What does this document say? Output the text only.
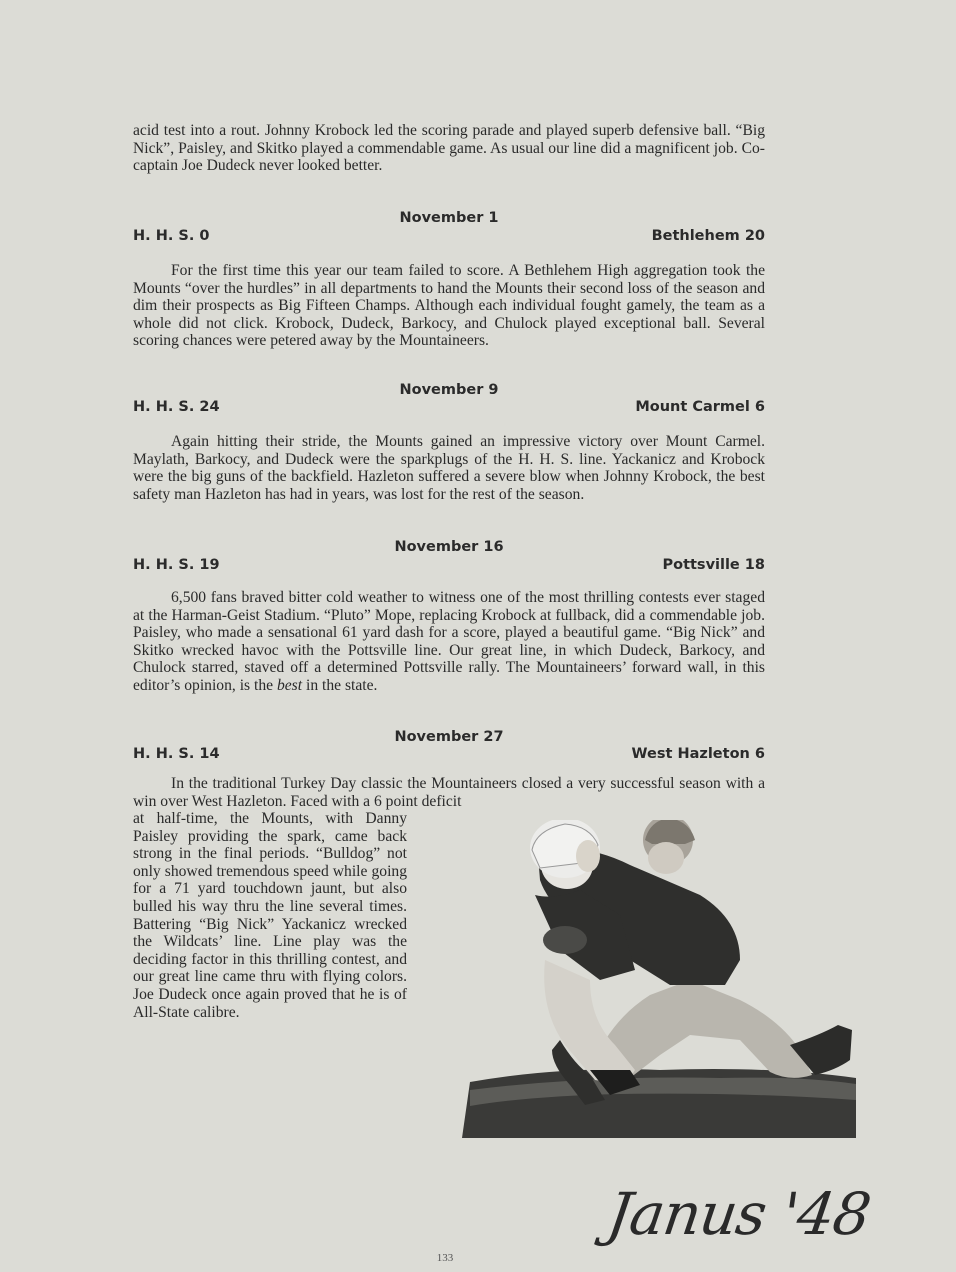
acid test into a rout. Johnny Krobock led the scoring parade and played superb defensive ball. “Big Nick”, Paisley, and Skitko played a commendable game. As usual our line did a magnificent job. Co-captain Joe Dudeck never looked better.
November 1
H. H. S. 0	Bethlehem 20
For the first time this year our team failed to score. A Bethlehem High aggregation took the Mounts “over the hurdles” in all departments to hand the Mounts their second loss of the season and dim their prospects as Big Fifteen Champs. Although each individual fought gamely, the team as a whole did not click. Krobock, Dudeck, Barkocy, and Chulock played exceptional ball. Several scoring chances were petered away by the Mountaineers.
November 9
H. H. S. 24	Mount Carmel 6
Again hitting their stride, the Mounts gained an impressive victory over Mount Carmel. Maylath, Barkocy, and Dudeck were the sparkplugs of the H. H. S. line. Yackanicz and Krobock were the big guns of the backfield. Hazleton suffered a severe blow when Johnny Krobock, the best safety man Hazleton has had in years, was lost for the rest of the season.
November 16
H. H. S. 19	Pottsville 18
6,500 fans braved bitter cold weather to witness one of the most thrilling contests ever staged at the Harman-Geist Stadium. “Pluto” Mope, replacing Krobock at fullback, did a commendable job. Paisley, who made a sensational 61 yard dash for a score, played a beautiful game. “Big Nick” and Skitko wrecked havoc with the Pottsville line. Our great line, in which Dudeck, Barkocy, and Chulock starred, staved off a determined Pottsville rally. The Mountaineers’ forward wall, in this editor’s opinion, is the best in the state.
November 27
H. H. S. 14	West Hazleton 6
In the traditional Turkey Day classic the Mountaineers closed a very successful season with a win over West Hazleton. Faced with a 6 point deficit
at half-time, the Mounts, with Danny Paisley providing the spark, came back strong in the final periods. “Bulldog” not only showed tremendous speed while going for a 71 yard touchdown jaunt, but also bulled his way thru the line several times. Battering “Big Nick” Yackanicz wrecked the Wildcats’ line. Line play was the deciding factor in this thrilling contest, and our great line came thru with flying colors. Joe Dudeck once again proved that he is of All-State calibre.
Janus '48
133
